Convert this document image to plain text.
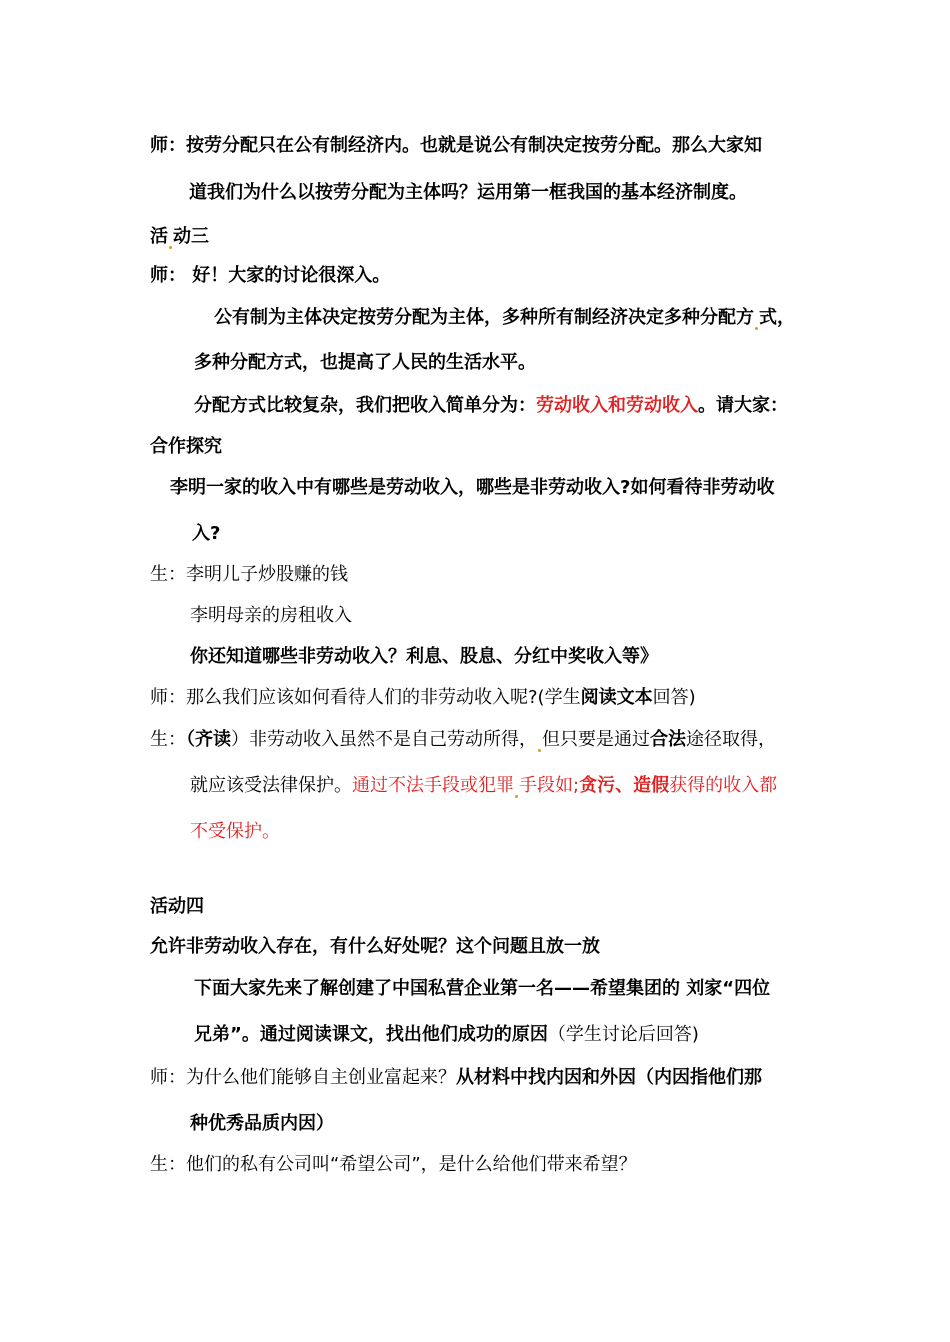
师：按劳分配只在公有制经济内。也就是说公有制决定按劳分配。那么大家知
道我们为什么以按劳分配为主体吗？运用第一框我国的基本经济制度。
活 动三
师： 好！大家的讨论很深入。
公有制为主体决定按劳分配为主体，多种所有制经济决定多种分配方 式，
多种分配方式，也提高了人民的生活水平。
分配方式比较复杂，我们把收入简单分为：劳动收入和劳动收入。请大家：
合作探究
李明一家的收入中有哪些是劳动收入，哪些是非劳动收入?如何看待非劳动收
入?
生：李明儿子炒股赚的钱
李明母亲的房租收入
你还知道哪些非劳动收入？利息、股息、分红中奖收入等》
师：那么我们应该如何看待人们的非劳动收入呢?(学生阅读文本回答)
生：（齐读）非劳动收入虽然不是自己劳动所得， 但只要是通过合法途径取得，
就应该受法律保护。通过不法手段或犯罪 手段如;贪污、造假获得的收入都
不受保护。
活动四
允许非劳动收入存在，有什么好处呢？这个问题且放一放
下面大家先来了解创建了中国私营企业第一名——希望集团的 刘家“四位
兄弟”。通过阅读课文，找出他们成功的原因（学生讨论后回答)
师：为什么他们能够自主创业富起来？从材料中找内因和外因（内因指他们那
种优秀品质内因）
生：他们的私有公司叫“希望公司”，是什么给他们带来希望？
